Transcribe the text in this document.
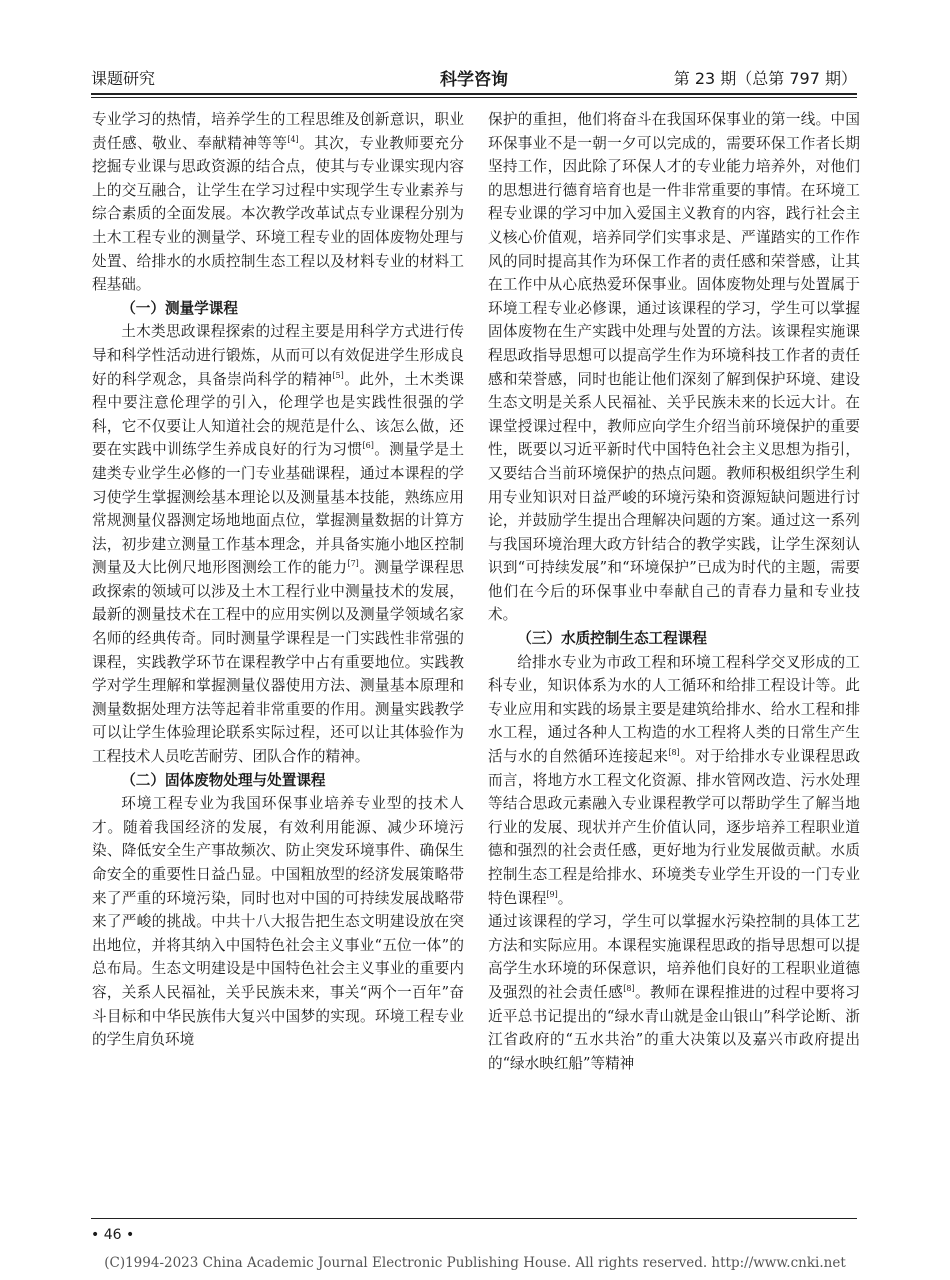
课题研究	科学咨询	第 23 期（总第 797 期）

专业学习的热情，培养学生的工程思维及创新意识，职业责任感、敬业、奉献精神等等[4]。其次，专业教师要充分挖掘专业课与思政资源的结合点，使其与专业课实现内容上的交互融合，让学生在学习过程中实现学生专业素养与综合素质的全面发展。本次教学改革试点专业课程分别为土木工程专业的测量学、环境工程专业的固体废物处理与处置、给排水的水质控制生态工程以及材料专业的材料工程基础。

（一）测量学课程

土木类思政课程探索的过程主要是用科学方式进行传导和科学性活动进行锻炼，从而可以有效促进学生形成良好的科学观念，具备崇尚科学的精神[5]。此外，土木类课程中要注意伦理学的引入，伦理学也是实践性很强的学科，它不仅要让人知道社会的规范是什么、该怎么做，还要在实践中训练学生养成良好的行为习惯[6]。测量学是土建类专业学生必修的一门专业基础课程，通过本课程的学习使学生掌握测绘基本理论以及测量基本技能，熟练应用常规测量仪器测定场地地面点位，掌握测量数据的计算方法，初步建立测量工作基本理念，并具备实施小地区控制测量及大比例尺地形图测绘工作的能力[7]。测量学课程思政探索的领域可以涉及土木工程行业中测量技术的发展，最新的测量技术在工程中的应用实例以及测量学领域名家名师的经典传奇。同时测量学课程是一门实践性非常强的课程，实践教学环节在课程教学中占有重要地位。实践教学对学生理解和掌握测量仪器使用方法、测量基本原理和测量数据处理方法等起着非常重要的作用。测量实践教学可以让学生体验理论联系实际过程，还可以让其体验作为工程技术人员吃苦耐劳、团队合作的精神。

（二）固体废物处理与处置课程

环境工程专业为我国环保事业培养专业型的技术人才。随着我国经济的发展，有效利用能源、减少环境污染、降低安全生产事故频次、防止突发环境事件、确保生命安全的重要性日益凸显。中国粗放型的经济发展策略带来了严重的环境污染，同时也对中国的可持续发展战略带来了严峻的挑战。中共十八大报告把生态文明建设放在突出地位，并将其纳入中国特色社会主义事业“五位一体”的总布局。生态文明建设是中国特色社会主义事业的重要内容，关系人民福祉，关乎民族未来，事关“两个一百年”奋斗目标和中华民族伟大复兴中国梦的实现。环境工程专业的学生肩负环境

保护的重担，他们将奋斗在我国环保事业的第一线。中国环保事业不是一朝一夕可以完成的，需要环保工作者长期坚持工作，因此除了环保人才的专业能力培养外，对他们的思想进行德育培育也是一件非常重要的事情。在环境工程专业课的学习中加入爱国主义教育的内容，践行社会主义核心价值观，培养同学们实事求是、严谨踏实的工作作风的同时提高其作为环保工作者的责任感和荣誉感，让其在工作中从心底热爱环保事业。固体废物处理与处置属于环境工程专业必修课，通过该课程的学习，学生可以掌握固体废物在生产实践中处理与处置的方法。该课程实施课程思政指导思想可以提高学生作为环境科技工作者的责任感和荣誉感，同时也能让他们深刻了解到保护环境、建设生态文明是关系人民福祉、关乎民族未来的长远大计。在课堂授课过程中，教师应向学生介绍当前环境保护的重要性，既要以习近平新时代中国特色社会主义思想为指引，又要结合当前环境保护的热点问题。教师积极组织学生利用专业知识对日益严峻的环境污染和资源短缺问题进行讨论，并鼓励学生提出合理解决问题的方案。通过这一系列与我国环境治理大政方针结合的教学实践，让学生深刻认识到“可持续发展”和“环境保护”已成为时代的主题，需要他们在今后的环保事业中奉献自己的青春力量和专业技术。

（三）水质控制生态工程课程

给排水专业为市政工程和环境工程科学交叉形成的工科专业，知识体系为水的人工循环和给排工程设计等。此专业应用和实践的场景主要是建筑给排水、给水工程和排水工程，通过各种人工构造的水工程将人类的日常生产生活与水的自然循环连接起来[8]。对于给排水专业课程思政而言，将地方水工程文化资源、排水管网改造、污水处理等结合思政元素融入专业课程教学可以帮助学生了解当地行业的发展、现状并产生价值认同，逐步培养工程职业道德和强烈的社会责任感，更好地为行业发展做贡献。水质控制生态工程是给排水、环境类专业学生开设的一门专业特色课程[9]。

通过该课程的学习，学生可以掌握水污染控制的具体工艺方法和实际应用。本课程实施课程思政的指导思想可以提高学生水环境的环保意识，培养他们良好的工程职业道德及强烈的社会责任感[8]。教师在课程推进的过程中要将习近平总书记提出的“绿水青山就是金山银山”科学论断、浙江省政府的“五水共治”的重大决策以及嘉兴市政府提出的“绿水映红船”等精神

• 46 •
(C)1994-2023 China Academic Journal Electronic Publishing House. All rights reserved. http://www.cnki.net
